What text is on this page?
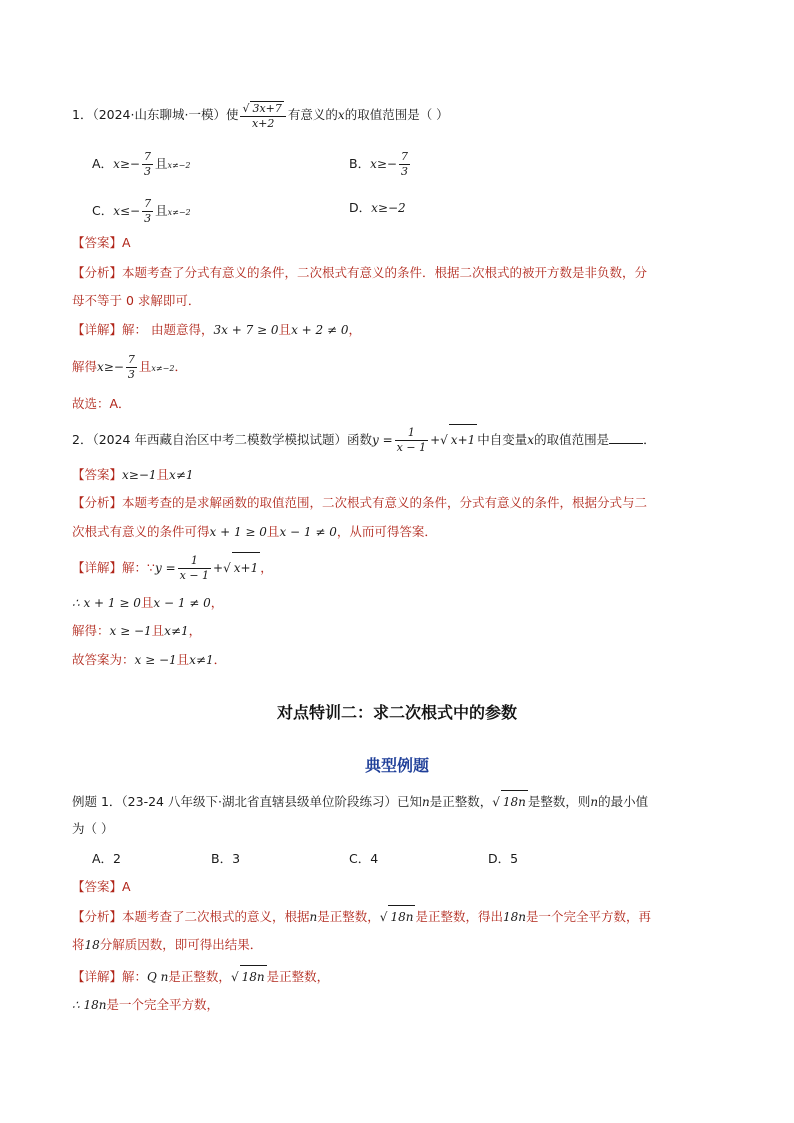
1．（2024·山东聊城·一模）使 $\frac{√ 3x+7}{x+2}$ 有意义的x的取值范围是（ ）
A．$x\ge- \frac{7}{3}$ 且x≠−2	B．$x\ge- \frac{7}{3}$
C．$x\le- \frac{7}{3}$ 且x≠−2	D．x≥−2
【答案】A
【分析】本题考查了分式有意义的条件，二次根式有意义的条件．根据二次根式的被开方数是非负数，分
母不等于 0 求解即可．
【详解】解： 由题意得，3x + 7 ≥ 0且x + 2 ≠ 0，
解得$x\ge- \frac{7}{3}$ 且x≠−2．
故选：A．
2．（2024 年西藏自治区中考二模数学模拟试题）函数$y = \frac{1}{x - 1}$ +√ x+1 中自变量x的取值范围是	．
【答案】x≥−1且x≠1
【分析】本题考查的是求解函数的取值范围，二次根式有意义的条件，分式有意义的条件，根据分式与二
次根式有意义的条件可得x + 1 ≥ 0且x − 1 ≠ 0，从而可得答案．
【详解】解：∵y = $\frac{1}{x - 1}$ +√ x+1 ，
∴ x + 1 ≥ 0且x − 1 ≠ 0，
解得：x ≥ −1且x≠1，
故答案为：x ≥ −1且x≠1．
对点特训二：求二次根式中的参数
典型例题
例题 1．（23-24 八年级下·湖北省直辖县级单位阶段练习）已知n是正整数，√ 18n 是整数，则n的最小值
为（ ）
A．2	B．3	C．4	D．5
【答案】A
【分析】本题考查了二次根式的意义，根据n是正整数，√ 18n 是正整数，得出18n是一个完全平方数，再
将18分解质因数，即可得出结果．
【详解】解：Q n是正整数，√ 18n 是正整数，
∴ 18n是一个完全平方数，
